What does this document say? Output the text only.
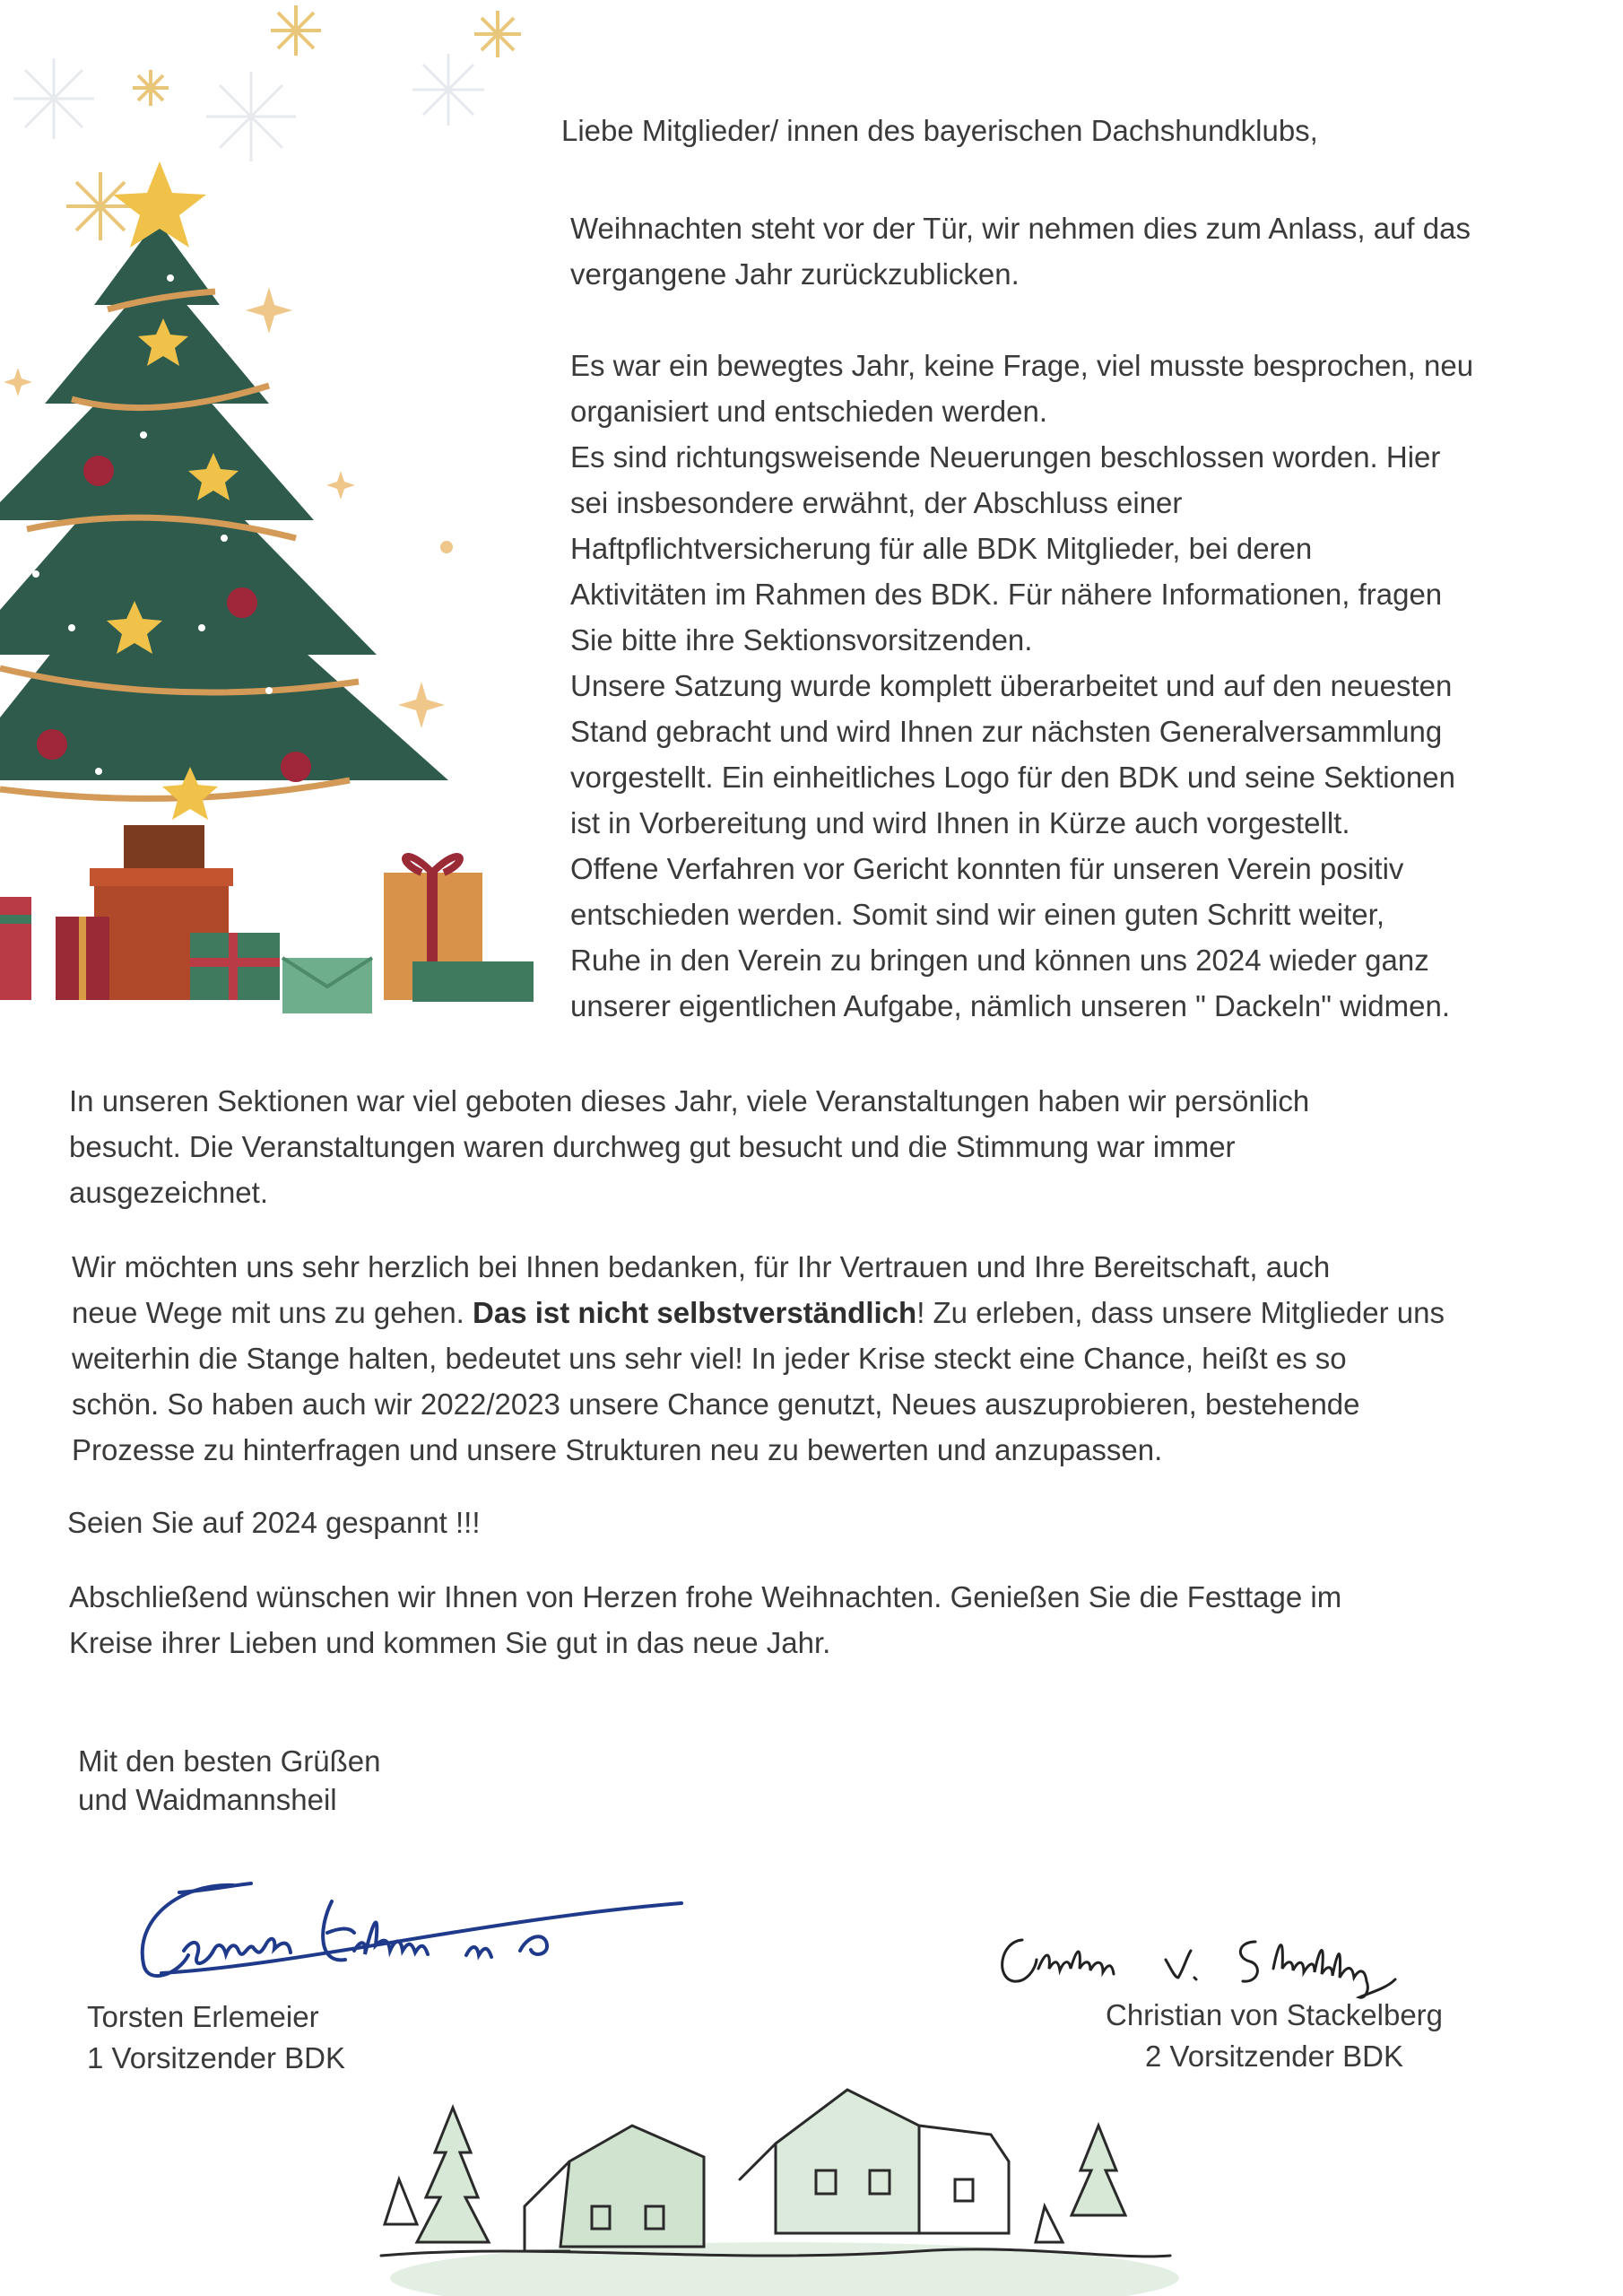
Liebe Mitglieder/ innen des bayerischen Dachshundklubs,

Weihnachten steht vor der Tür, wir nehmen dies zum Anlass, auf das

vergangene Jahr zurückzublicken.

Es war ein bewegtes Jahr, keine Frage, viel musste besprochen, neu

organisiert und entschieden werden.

Es sind richtungsweisende Neuerungen beschlossen worden. Hier

sei insbesondere erwähnt, der Abschluss einer

Haftpflichtversicherung für alle BDK Mitglieder, bei deren

Aktivitäten im Rahmen des BDK. Für nähere Informationen, fragen

Sie bitte ihre Sektionsvorsitzenden.

Unsere Satzung wurde komplett überarbeitet und auf den neuesten

Stand gebracht und wird Ihnen zur nächsten Generalversammlung

vorgestellt. Ein einheitliches Logo für den BDK und seine Sektionen

ist in Vorbereitung und wird Ihnen in Kürze auch vorgestellt.

Offene Verfahren vor Gericht konnten für unseren Verein positiv

entschieden werden. Somit sind wir einen guten Schritt weiter,

Ruhe in den Verein zu bringen und können uns 2024 wieder ganz

unserer eigentlichen Aufgabe, nämlich unseren " Dackeln" widmen.

In unseren Sektionen war viel geboten dieses Jahr, viele Veranstaltungen haben wir persönlich

besucht. Die Veranstaltungen waren durchweg gut besucht und die Stimmung war immer

ausgezeichnet.

Wir möchten uns sehr herzlich bei Ihnen bedanken, für Ihr Vertrauen und Ihre Bereitschaft, auch

neue Wege mit uns zu gehen. Das ist nicht selbstverständlich! Zu erleben, dass unsere Mitglieder uns

weiterhin die Stange halten, bedeutet uns sehr viel! In jeder Krise steckt eine Chance, heißt es so

schön. So haben auch wir 2022/2023 unsere Chance genutzt, Neues auszuprobieren, bestehende

Prozesse zu hinterfragen und unsere Strukturen neu zu bewerten und anzupassen.

Seien Sie auf 2024 gespannt !!!

Abschließend wünschen wir Ihnen von Herzen frohe Weihnachten. Genießen Sie die Festtage im

Kreise ihrer Lieben und kommen Sie gut in das neue Jahr.

Mit den besten Grüßen

und Waidmannsheil

Torsten Erlemeier
1 Vorsitzender BDK
Christian von Stackelberg
2 Vorsitzender BDK
